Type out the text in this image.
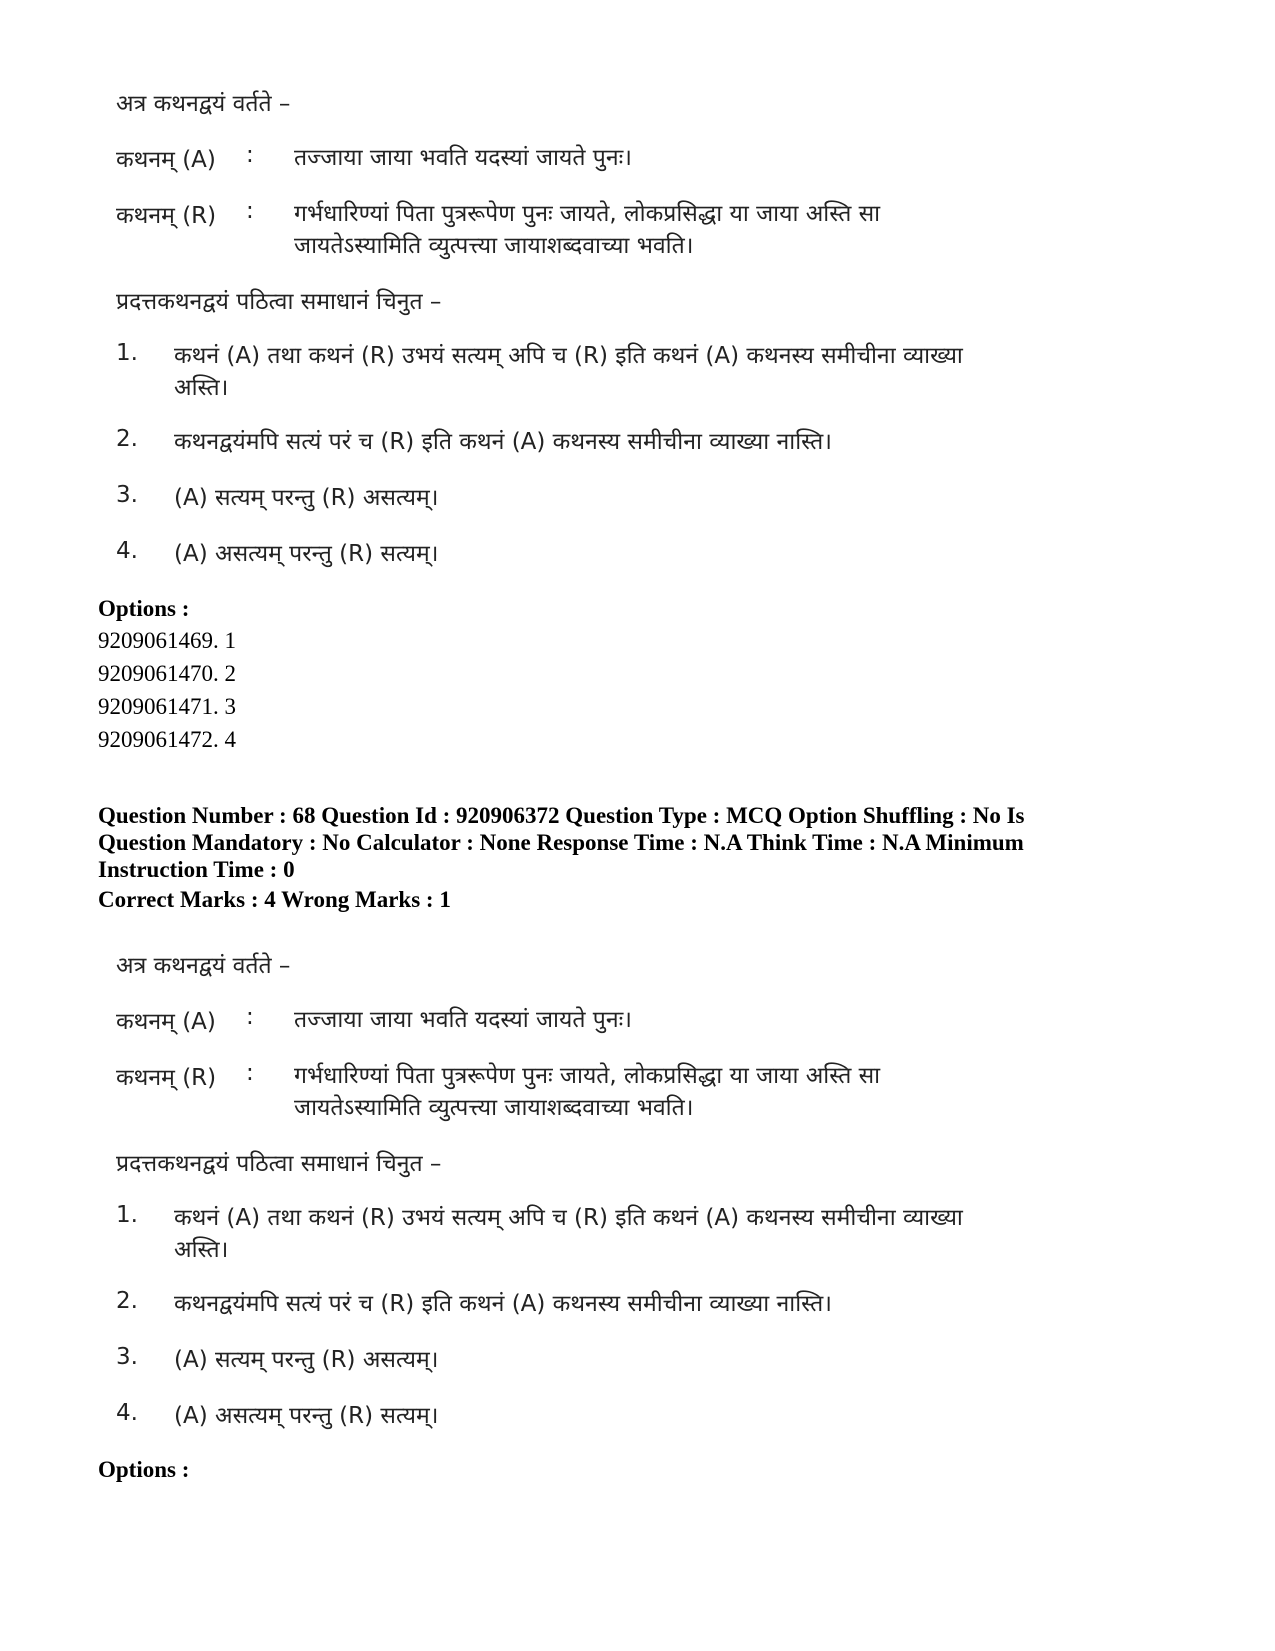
अत्र कथनद्वयं वर्तते –
कथनम् (A) : तज्जाया जाया भवति यदस्यां जायते पुनः।
कथनम् (R) : गर्भधारिण्यां पिता पुत्ररूपेण पुनः जायते, लोकप्रसिद्धा या जाया अस्ति सा जायतेऽस्यामिति व्युत्पत्त्या जायाशब्दवाच्या भवति।
प्रदत्तकथनद्वयं पठित्वा समाधानं चिनुत –
1. कथनं (A) तथा कथनं (R) उभयं सत्यम् अपि च (R) इति कथनं (A) कथनस्य समीचीना व्याख्या अस्ति।
2. कथनद्वयंमपि सत्यं परं च (R) इति कथनं (A) कथनस्य समीचीना व्याख्या नास्ति।
3. (A) सत्यम् परन्तु (R) असत्यम्।
4. (A) असत्यम् परन्तु (R) सत्यम्।
Options :
9209061469. 1
9209061470. 2
9209061471. 3
9209061472. 4
Question Number : 68 Question Id : 920906372 Question Type : MCQ Option Shuffling : No Is Question Mandatory : No Calculator : None Response Time : N.A Think Time : N.A Minimum Instruction Time : 0
Correct Marks : 4 Wrong Marks : 1
अत्र कथनद्वयं वर्तते –
कथनम् (A) : तज्जाया जाया भवति यदस्यां जायते पुनः।
कथनम् (R) : गर्भधारिण्यां पिता पुत्ररूपेण पुनः जायते, लोकप्रसिद्धा या जाया अस्ति सा जायतेऽस्यामिति व्युत्पत्त्या जायाशब्दवाच्या भवति।
प्रदत्तकथनद्वयं पठित्वा समाधानं चिनुत –
1. कथनं (A) तथा कथनं (R) उभयं सत्यम् अपि च (R) इति कथनं (A) कथनस्य समीचीना व्याख्या अस्ति।
2. कथनद्वयंमपि सत्यं परं च (R) इति कथनं (A) कथनस्य समीचीना व्याख्या नास्ति।
3. (A) सत्यम् परन्तु (R) असत्यम्।
4. (A) असत्यम् परन्तु (R) सत्यम्।
Options :
